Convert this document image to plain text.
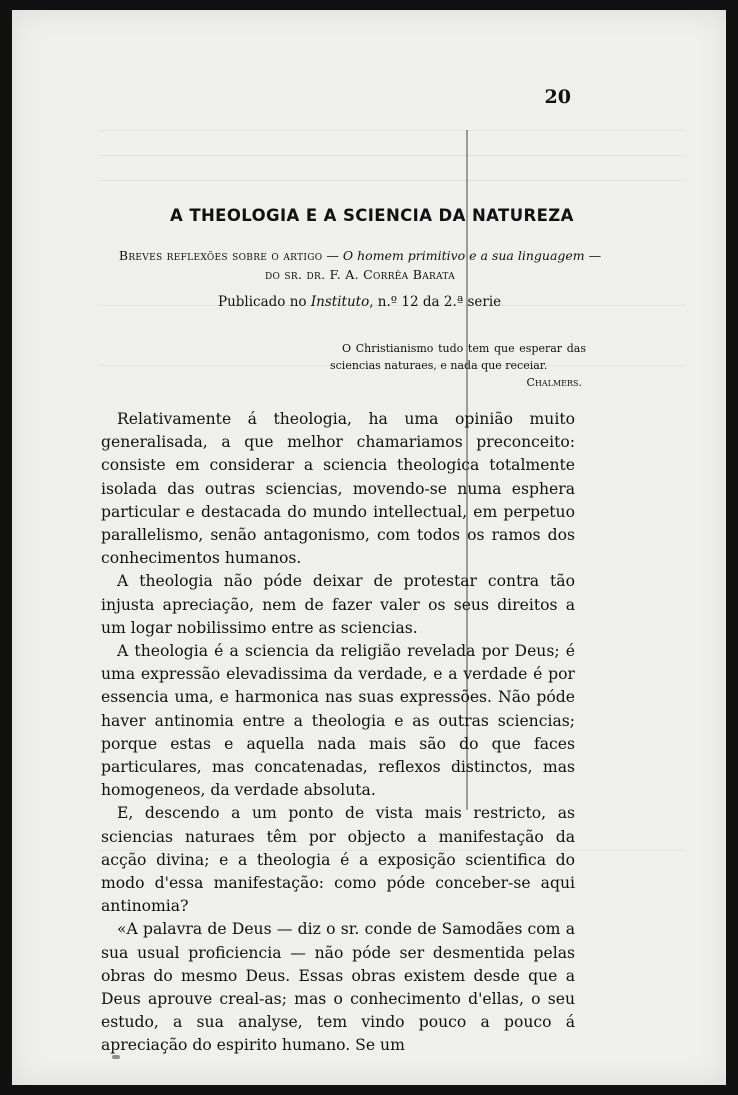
20
A THEOLOGIA E A SCIENCIA DA NATUREZA
Breves reflexões sobre o artigo — O homem primitivo e a sua linguagem —
do sr. dr. F. A. Corrêa Barata
Publicado no Instituto, n.º 12 da 2.ª serie
O Christianismo tudo tem que esperar das sciencias naturaes, e nada que receiar.
Chalmers.

Relativamente á theologia, ha uma opinião muito generalisada, a que melhor chamariamos preconceito: consiste em considerar a sciencia theologica totalmente isolada das outras sciencias, movendo-se numa esphera particular e destacada do mundo intellectual, em perpetuo parallelismo, senão antagonismo, com todos os ramos dos conhecimentos humanos.

A theologia não póde deixar de protestar contra tão injusta apreciação, nem de fazer valer os seus direitos a um logar nobilissimo entre as sciencias.

A theologia é a sciencia da religião revelada por Deus; é uma expressão elevadissima da verdade, e a verdade é por essencia uma, e harmonica nas suas expressões. Não póde haver antinomia entre a theologia e as outras sciencias; porque estas e aquella nada mais são do que faces particulares, mas concatenadas, reflexos distinctos, mas homogeneos, da verdade absoluta.

E, descendo a um ponto de vista mais restricto, as sciencias naturaes têm por objecto a manifestação da acção divina; e a theologia é a exposição scientifica do modo d'essa manifestação: como póde conceber-se aqui antinomia?

«A palavra de Deus — diz o sr. conde de Samodães com a sua usual proficiencia — não póde ser desmentida pelas obras do mesmo Deus. Essas obras existem desde que a Deus aprouve creal-as; mas o conhecimento d'ellas, o seu estudo, a sua analyse, tem vindo pouco a pouco á apreciação do espirito humano. Se um
